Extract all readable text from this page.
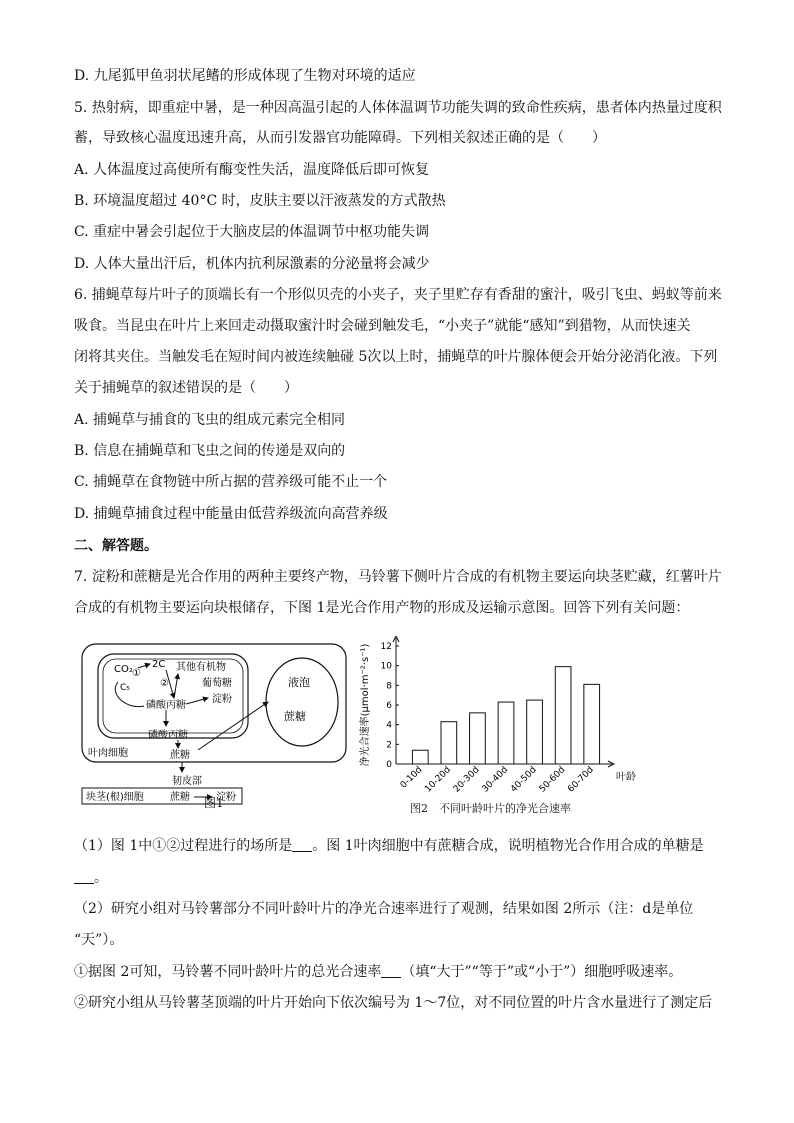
D. 九尾狐甲鱼羽状尾鳍的形成体现了生物对环境的适应
5. 热射病，即重症中暑，是一种因高温引起的人体体温调节功能失调的致命性疾病，患者体内热量过度积
蓄，导致核心温度迅速升高，从而引发器官功能障碍。下列相关叙述正确的是（　　）
A. 人体温度过高使所有酶变性失活，温度降低后即可恢复
B. 环境温度超过 40°C 时，皮肤主要以汗液蒸发的方式散热
C. 重症中暑会引起位于大脑皮层的体温调节中枢功能失调
D. 人体大量出汗后，机体内抗利尿激素的分泌量将会减少
6. 捕蝇草每片叶子的顶端长有一个形似贝壳的小夹子，夹子里贮存有香甜的蜜汁，吸引飞虫、蚂蚁等前来
吸食。当昆虫在叶片上来回走动摄取蜜汁时会碰到触发毛，“小夹子”就能“感知”到猎物，从而快速关
闭将其夹住。当触发毛在短时间内被连续触碰 5次以上时，捕蝇草的叶片腺体便会开始分泌消化液。下列
关于捕蝇草的叙述错误的是（　　）
A. 捕蝇草与捕食的飞虫的组成元素完全相同
B. 信息在捕蝇草和飞虫之间的传递是双向的
C. 捕蝇草在食物链中所占据的营养级可能不止一个
D. 捕蝇草捕食过程中能量由低营养级流向高营养级
二、解答题。
7. 淀粉和蔗糖是光合作用的两种主要终产物，马铃薯下侧叶片合成的有机物主要运向块茎贮藏，红薯叶片
合成的有机物主要运向块根储存，下图 1是光合作用产物的形成及运输示意图。回答下列有关问题：
CO₂ 2C
C₅
①
②
其他有机物
葡萄糖
磷酸丙糖
淀粉
磷酸丙糖
蔗糖
液泡
蔗糖
叶肉细胞
韧皮部
块茎(根)细胞	蔗糖	淀粉
图1
0
2
4
6
8
10
12
0-10d
10-20d
20-30d
30-40d
40-50d
50-60d
60-70d 叶龄
净光合速率(μmol·m⁻²·s⁻¹)
图2　不同叶龄叶片的净光合速率
（1）图 1中①②过程进行的场所是 。图 1叶肉细胞中有蔗糖合成，说明植物光合作用合成的单糖是
。
（2）研究小组对马铃薯部分不同叶龄叶片的净光合速率进行了观测，结果如图 2所示（注：d是单位
“天”）。
①据图 2可知，马铃薯不同叶龄叶片的总光合速率 （填“大于”“等于”或“小于”）细胞呼吸速率。
②研究小组从马铃薯茎顶端的叶片开始向下依次编号为 1～7位，对不同位置的叶片含水量进行了测定后
